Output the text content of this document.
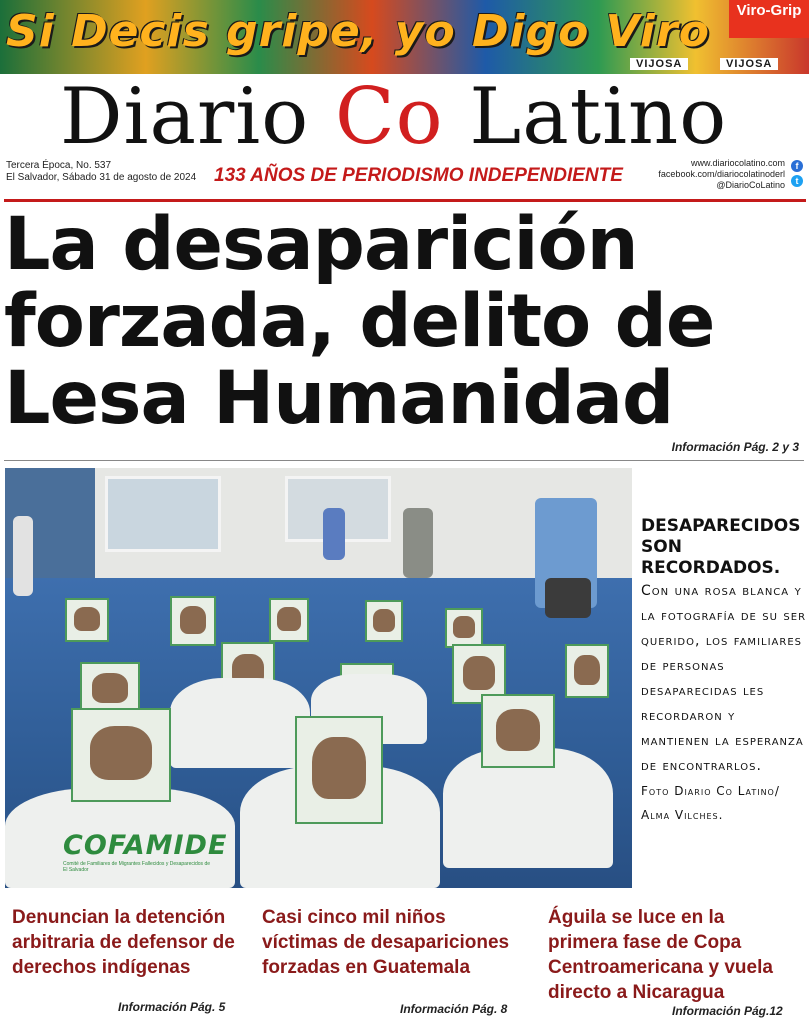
Si Decis gripe, yo Digo Viro	Viro-Grip
VIJOSA	VIJOSA
Diario Co Latino
Tercera Época, No. 537
El Salvador, Sábado 31 de agosto de 2024 133 AÑOS DE PERIODISMO INDEPENDIENTE
www.diariocolatino.com
facebook.com/diariocolatinoderl
@DiarioCoLatino
f
t
La desaparición
forzada, delito de
Lesa Humanidad
Información Pág. 2 y 3
COFAMIDE
Comité de Familiares de Migrantes Fallecidos y Desaparecidos de El Salvador
DESAPARECIDOS SON RECORDADOS.
Con una rosa blanca y la fotografía de su ser querido, los familiares de personas desaparecidas les recordaron y mantienen la esperanza de encontrarlos.
Foto Diario Co Latino/ Alma Vilches.
Denuncian la detención arbitraria de defensor de derechos indígenas
Información Pág. 5
Casi cinco mil niños víctimas de desapariciones forzadas en Guatemala
Información Pág. 8
Águila se luce en la primera fase de Copa Centroamericana y vuela directo a Nicaragua
Información Pág.12
